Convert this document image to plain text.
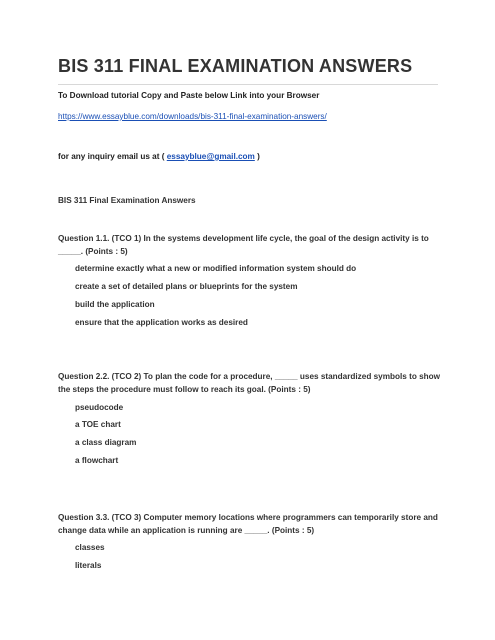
BIS 311 FINAL EXAMINATION ANSWERS
To Download tutorial Copy and Paste below Link into your Browser
https://www.essayblue.com/downloads/bis-311-final-examination-answers/
for any inquiry email us at ( essayblue@gmail.com )
BIS 311 Final Examination Answers
Question 1.1. (TCO 1) In the systems development life cycle, the goal of the design activity is to _____. (Points : 5)
determine exactly what a new or modified information system should do
create a set of detailed plans or blueprints for the system
build the application
ensure that the application works as desired
Question 2.2. (TCO 2) To plan the code for a procedure, _____ uses standardized symbols to show the steps the procedure must follow to reach its goal. (Points : 5)
pseudocode
a TOE chart
a class diagram
a flowchart
Question 3.3. (TCO 3) Computer memory locations where programmers can temporarily store and change data while an application is running are _____. (Points : 5)
classes
literals
